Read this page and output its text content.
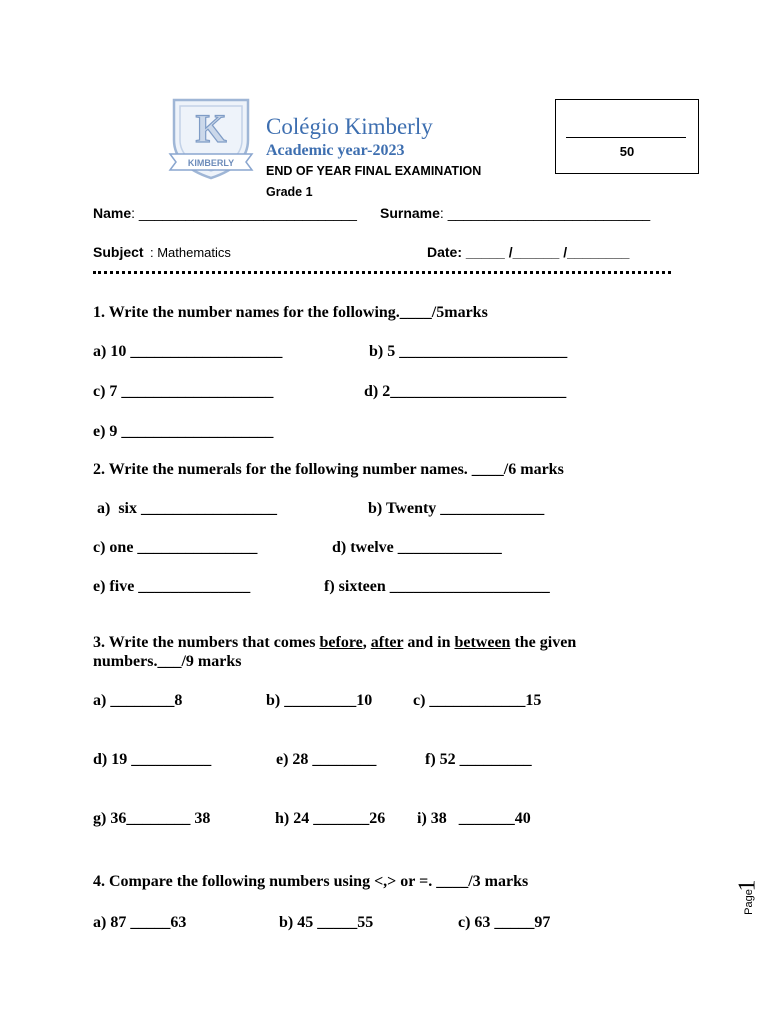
K
KIMBERLY
Colégio Kimberly
Academic year-2023
END OF YEAR FINAL EXAMINATION
Grade 1
50
Name: ____________________________ Surname: __________________________
Subject : Mathematics	Date: _____ /______ /________
1. Write the number names for the following.____/5marks
a) 10 ___________________	b) 5 _____________________
c) 7 ___________________	d) 2______________________
e) 9 ___________________
2. Write the numerals for the following number names. ____/6 marks
a)  six _________________	b) Twenty _____________
c) one _______________	d) twelve _____________
e) five ______________	f) sixteen ____________________
3. Write the numbers that comes before, after and in between the given
numbers.___/9 marks
a) ________8	b) _________10	c) ____________15
d) 19 __________	e) 28 ________	f) 52 _________
g) 36________ 38	h) 24 _______26 i) 38   _______40
4. Compare the following numbers using <,> or =. ____/3 marks
a) 87 _____63	b) 45 _____55	c) 63 _____97
Page
1
